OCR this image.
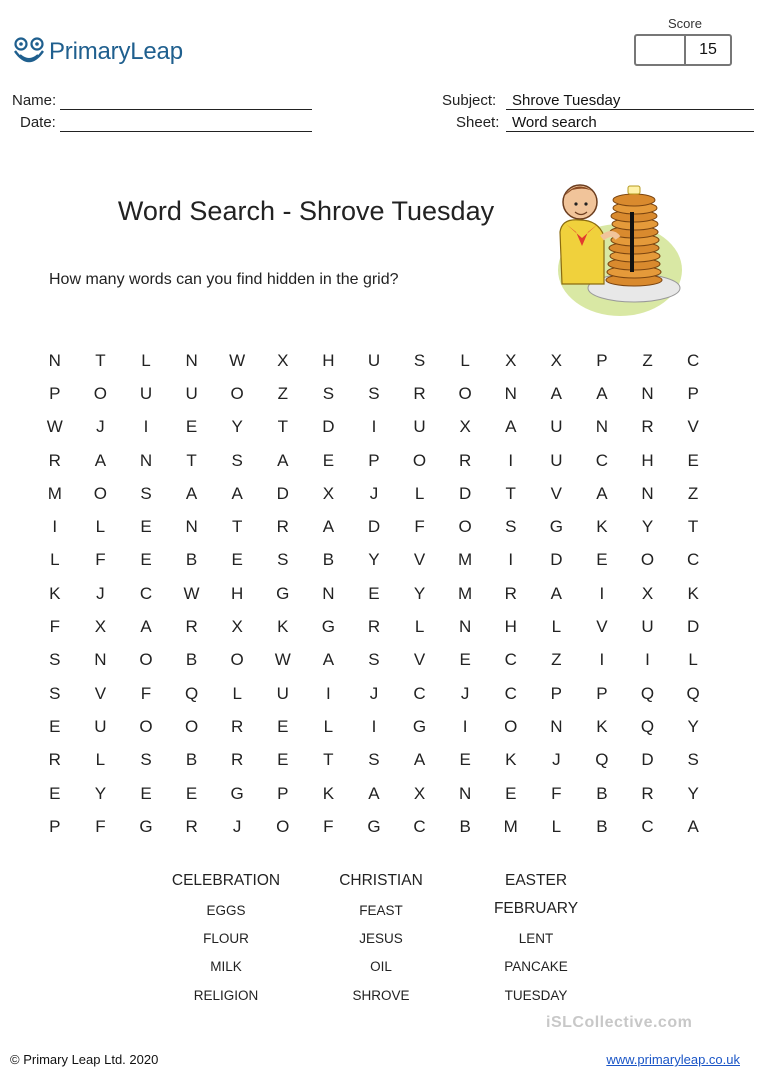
PrimaryLeap
Score
15
Name:
Date:
Subject:	Shrove Tuesday
Sheet: Word search
Word Search - Shrove Tuesday
How many words can you find hidden in the grid?
N	T	L	N	W	X	H	U	S	L	X	X	P	Z	C
P	O	U	U	O	Z	S	S	R	O	N	A	A	N	P
W	J	I	E	Y	T	D	I	U	X	A	U	N	R	V
R	A	N	T	S	A	E	P	O	R	I	U	C	H	E
M	O	S	A	A	D	X	J	L	D	T	V	A	N	Z
I	L	E	N	T	R	A	D	F	O	S	G	K	Y	T
L	F	E	B	E	S	B	Y	V	M	I	D	E	O	C
K	J	C	W	H	G	N	E	Y	M	R	A	I	X	K
F	X	A	R	X	K	G	R	L	N	H	L	V	U	D
S	N	O	B	O	W	A	S	V	E	C	Z	I	I	L
S	V	F	Q	L	U	I	J	C	J	C	P	P	Q	Q
E	U	O	O	R	E	L	I	G	I	O	N	K	Q	Y
R	L	S	B	R	E	T	S	A	E	K	J	Q	D	S
E	Y	E	E	G	P	K	A	X	N	E	F	B	R	Y
P	F	G	R	J	O	F	G	C	B	M	L	B	C	A
CELEBRATION
EGGS
FLOUR
MILK
RELIGION
CHRISTIAN
FEAST
JESUS
OIL
SHROVE
EASTER
FEBRUARY
LENT
PANCAKE
TUESDAY
iSLCollective.com
© Primary Leap Ltd. 2020	www.primaryleap.co.uk
